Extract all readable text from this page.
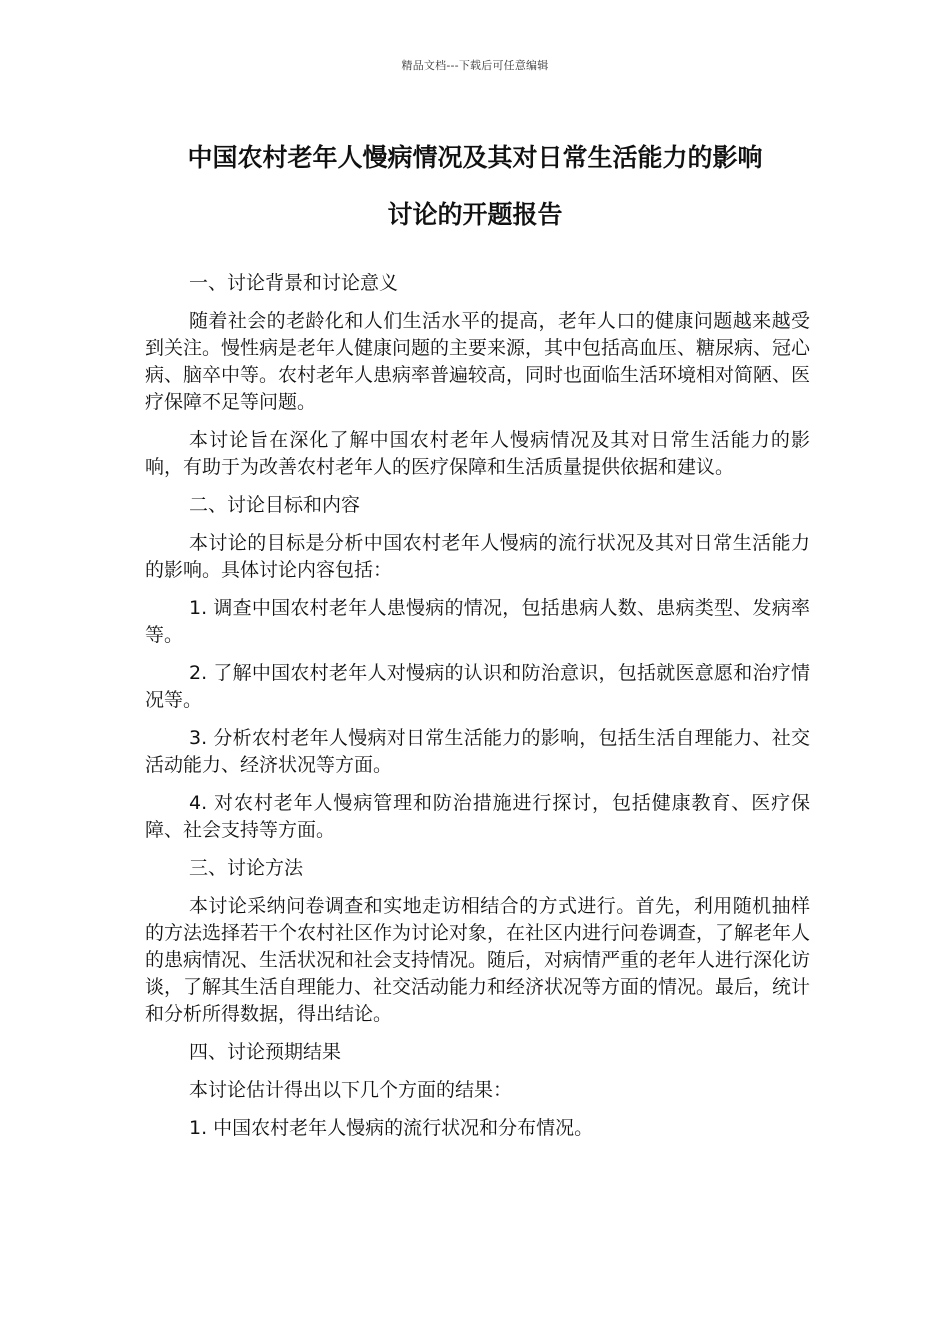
精品文档---下载后可任意编辑
中国农村老年人慢病情况及其对日常生活能力的影响
讨论的开题报告

一、讨论背景和讨论意义

随着社会的老龄化和人们生活水平的提高，老年人口的健康问题越来越受到关注。慢性病是老年人健康问题的主要来源，其中包括高血压、糖尿病、冠心病、脑卒中等。农村老年人患病率普遍较高，同时也面临生活环境相对简陋、医疗保障不足等问题。

本讨论旨在深化了解中国农村老年人慢病情况及其对日常生活能力的影响，有助于为改善农村老年人的医疗保障和生活质量提供依据和建议。

二、讨论目标和内容

本讨论的目标是分析中国农村老年人慢病的流行状况及其对日常生活能力的影响。具体讨论内容包括：

1. 调查中国农村老年人患慢病的情况，包括患病人数、患病类型、发病率等。

2. 了解中国农村老年人对慢病的认识和防治意识，包括就医意愿和治疗情况等。

3. 分析农村老年人慢病对日常生活能力的影响，包括生活自理能力、社交活动能力、经济状况等方面。

4. 对农村老年人慢病管理和防治措施进行探讨，包括健康教育、医疗保障、社会支持等方面。

三、讨论方法

本讨论采纳问卷调查和实地走访相结合的方式进行。首先，利用随机抽样的方法选择若干个农村社区作为讨论对象，在社区内进行问卷调查，了解老年人的患病情况、生活状况和社会支持情况。随后，对病情严重的老年人进行深化访谈，了解其生活自理能力、社交活动能力和经济状况等方面的情况。最后，统计和分析所得数据，得出结论。

四、讨论预期结果

本讨论估计得出以下几个方面的结果：

1. 中国农村老年人慢病的流行状况和分布情况。
